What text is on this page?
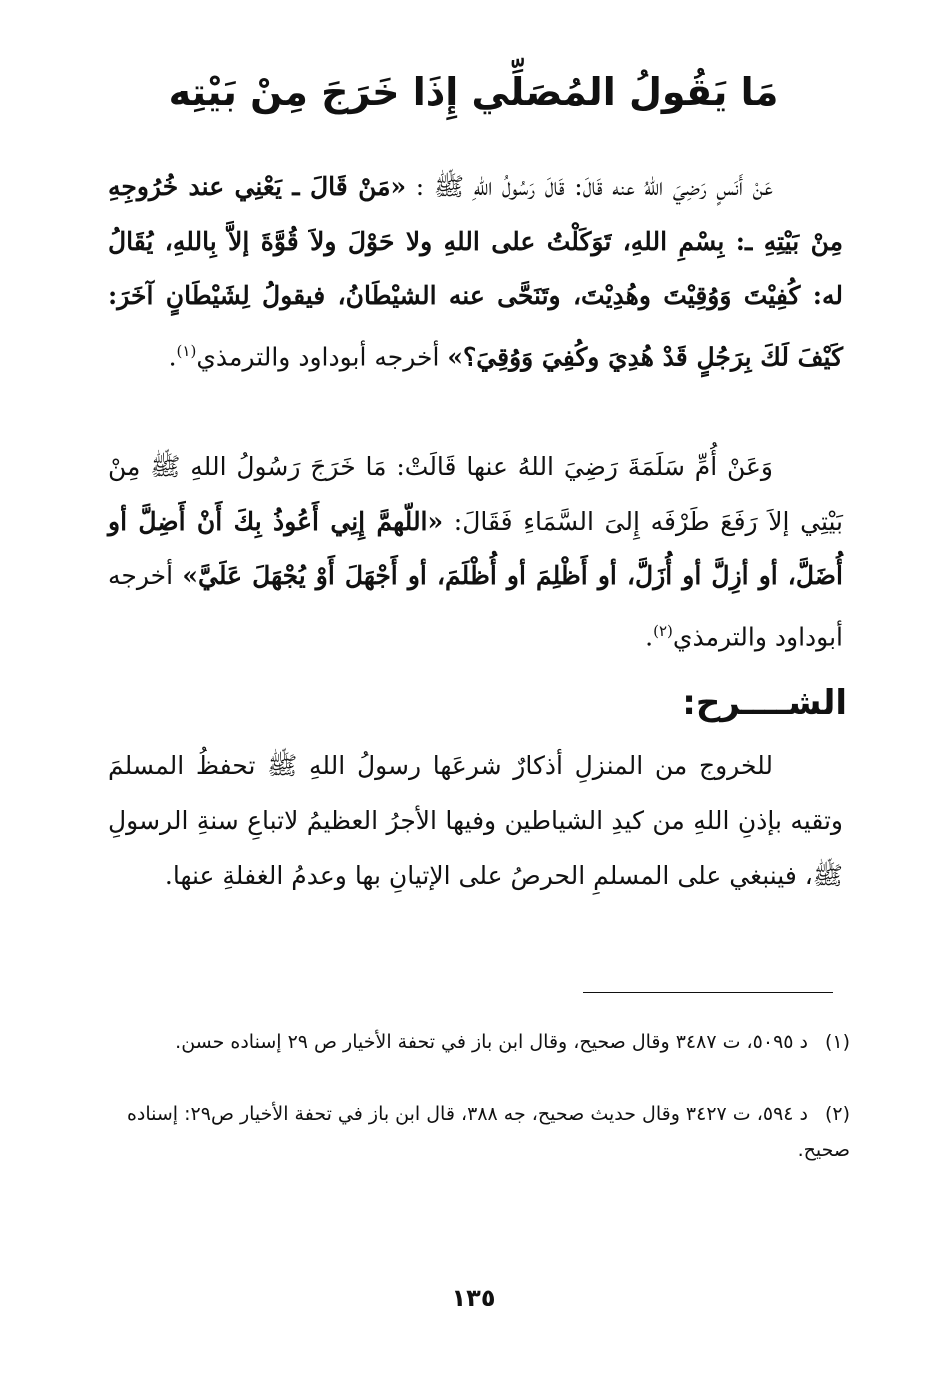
مَا يَقُولُ المُصَلِّي إِذَا خَرَجَ مِنْ بَيْتِه
عَنْ أَنَسٍ رَضِيَ اللهُ عنه قَالَ: قَالَ رَسُولُ اللهِ ﷺ : «مَنْ قَالَ ـ يَعْنِي عند خُرُوجِهِ مِنْ بَيْتِهِ ـ: بِسْمِ اللهِ، تَوَكَلْتُ على اللهِ ولا حَوْلَ ولاَ قُوَّةَ إلاَّ بِاللهِ، يُقَالُ له: كُفِيْتَ وَوُقِيْتَ وهُدِيْتَ، وتَنَحَّى عنه الشيْطَانُ، فيقولُ لِشَيْطَانٍ آخَرَ: كَيْفَ لَكَ بِرَجُلٍ قَدْ هُدِيَ وكُفِيَ وَوُقِيَ؟» أخرجه أبوداود والترمذي$^{(١)}$.
وَعَنْ أُمِّ سَلَمَةَ رَضِيَ اللهُ عنها قَالَتْ: مَا خَرَجَ رَسُولُ اللهِ ﷺ مِنْ بَيْتِي إلاَ رَفَعَ طَرْفَه إِلىَ السَّمَاءِ فَقَالَ: «اللّهمَّ إِنِي أَعُوذُ بِكَ أَنْ أَضِلَّ أو أُضَلَّ، أو أزِلَّ أو أُزَلَّ، أو أَظْلِمَ أو أُظْلَمَ، أو أَجْهَلَ أَوْ يُجْهَلَ عَلَيَّ» أخرجه أبوداود والترمذي$^{(٢)}$.
الشــــرح:
للخروج من المنزلِ أذكارٌ شرعَها رسولُ اللهِ ﷺ تحفظُ المسلمَ وتقيه بإذنِ اللهِ من كيدِ الشياطين وفيها الأجرُ العظيمُ لاتباعِ سنةِ الرسولِ ﷺ، فينبغي على المسلمِ الحرصُ على الإتيانِ بها وعدمُ الغفلةِ عنها.
(١)د ٥٠٩٥، ت ٣٤٨٧ وقال صحيح، وقال ابن باز في تحفة الأخيار ص ٢٩ إسناده حسن.
(٢)د ٥٩٤، ت ٣٤٢٧ وقال حديث صحيح، جه ٣٨٨، قال ابن باز في تحفة الأخيار ص٢٩: إسناده صحيح.
١٣٥
